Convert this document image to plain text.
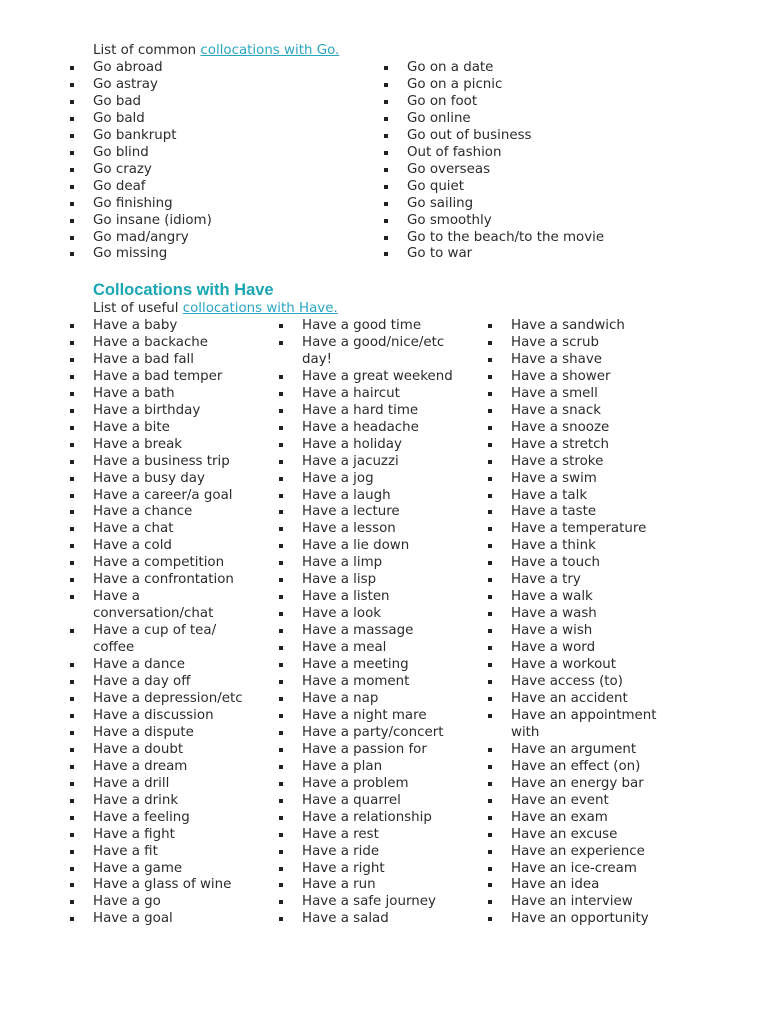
List of common collocations with Go.
Go abroad
Go astray
Go bad
Go bald
Go bankrupt
Go blind
Go crazy
Go deaf
Go finishing
Go insane (idiom)
Go mad/angry
Go missing
Go on a date
Go on a picnic
Go on foot
Go online
Go out of business
Out of fashion
Go overseas
Go quiet
Go sailing
Go smoothly
Go to the beach/to the movie
Go to war
Collocations with Have
List of useful collocations with Have.
Have a baby
Have a backache
Have a bad fall
Have a bad temper
Have a bath
Have a birthday
Have a bite
Have a break
Have a business trip
Have a busy day
Have a career/a goal
Have a chance
Have a chat
Have a cold
Have a competition
Have a confrontation
Have a conversation/chat
Have a cup of tea/ coffee
Have a dance
Have a day off
Have a depression/etc
Have a discussion
Have a dispute
Have a doubt
Have a dream
Have a drill
Have a drink
Have a feeling
Have a fight
Have a fit
Have a game
Have a glass of wine
Have a go
Have a goal
Have a good time
Have a good/nice/etc day!
Have a great weekend
Have a haircut
Have a hard time
Have a headache
Have a holiday
Have a jacuzzi
Have a jog
Have a laugh
Have a lecture
Have a lesson
Have a lie down
Have a limp
Have a lisp
Have a listen
Have a look
Have a massage
Have a meal
Have a meeting
Have a moment
Have a nap
Have a night mare
Have a party/concert
Have a passion for
Have a plan
Have a problem
Have a quarrel
Have a relationship
Have a rest
Have a ride
Have a right
Have a run
Have a safe journey
Have a salad
Have a sandwich
Have a scrub
Have a shave
Have a shower
Have a smell
Have a snack
Have a snooze
Have a stretch
Have a stroke
Have a swim
Have a talk
Have a taste
Have a temperature
Have a think
Have a touch
Have a try
Have a walk
Have a wash
Have a wish
Have a word
Have a workout
Have access (to)
Have an accident
Have an appointment with
Have an argument
Have an effect (on)
Have an energy bar
Have an event
Have an exam
Have an excuse
Have an experience
Have an ice-cream
Have an idea
Have an interview
Have an opportunity
